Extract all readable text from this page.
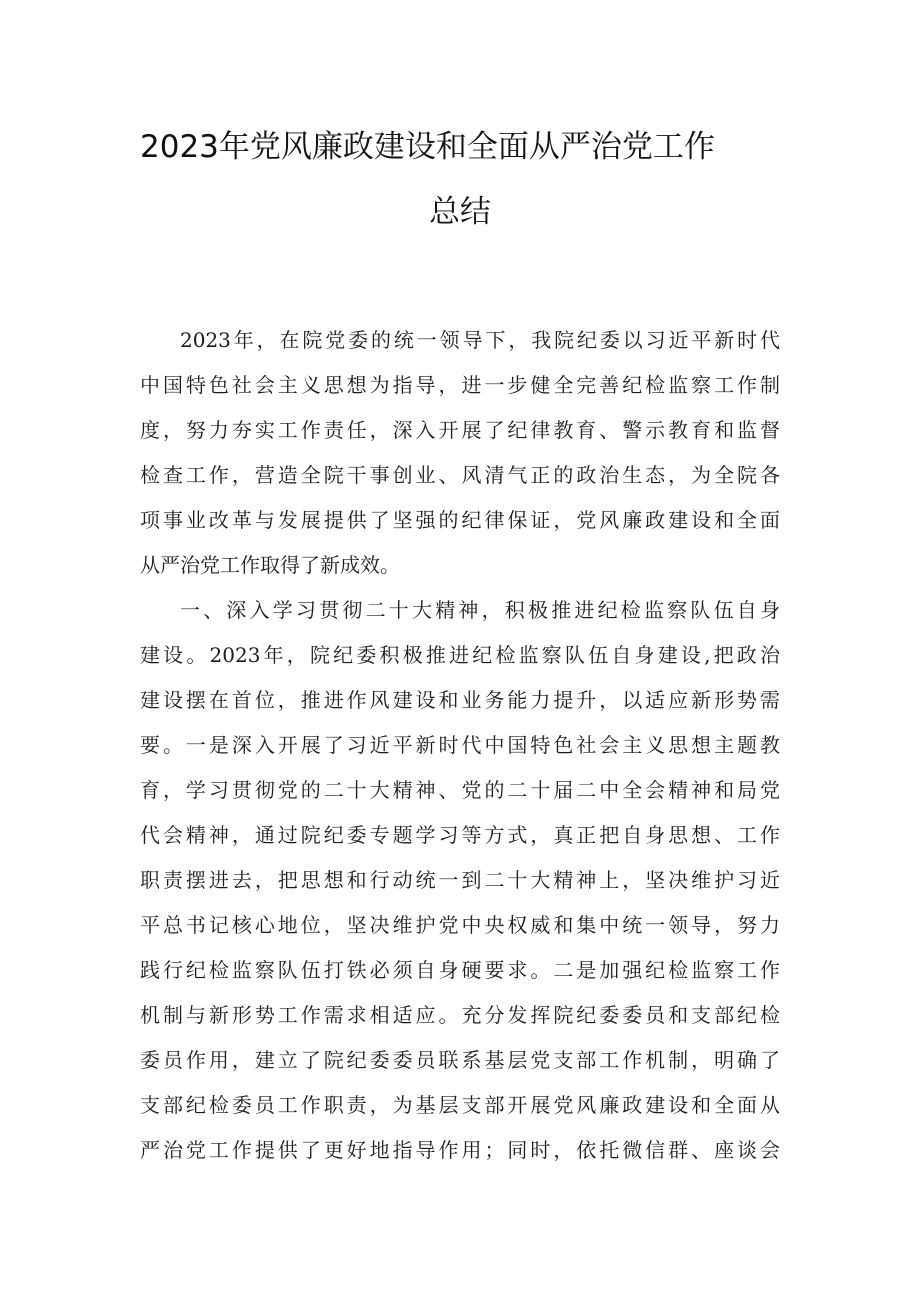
2023年党风廉政建设和全面从严治党工作
总结
2023年，在院党委的统一领导下，我院纪委以习近平新时代
中国特色社会主义思想为指导，进一步健全完善纪检监察工作制
度，努力夯实工作责任，深入开展了纪律教育、警示教育和监督
检查工作，营造全院干事创业、风清气正的政治生态，为全院各
项事业改革与发展提供了坚强的纪律保证，党风廉政建设和全面
从严治党工作取得了新成效。
一、深入学习贯彻二十大精神，积极推进纪检监察队伍自身
建设。2023年，院纪委积极推进纪检监察队伍自身建设,把政治
建设摆在首位，推进作风建设和业务能力提升，以适应新形势需
要。一是深入开展了习近平新时代中国特色社会主义思想主题教
育，学习贯彻党的二十大精神、党的二十届二中全会精神和局党
代会精神，通过院纪委专题学习等方式，真正把自身思想、工作
职责摆进去，把思想和行动统一到二十大精神上，坚决维护习近
平总书记核心地位，坚决维护党中央权威和集中统一领导，努力
践行纪检监察队伍打铁必须自身硬要求。二是加强纪检监察工作
机制与新形势工作需求相适应。充分发挥院纪委委员和支部纪检
委员作用，建立了院纪委委员联系基层党支部工作机制，明确了
支部纪检委员工作职责，为基层支部开展党风廉政建设和全面从
严治党工作提供了更好地指导作用；同时，依托微信群、座谈会
